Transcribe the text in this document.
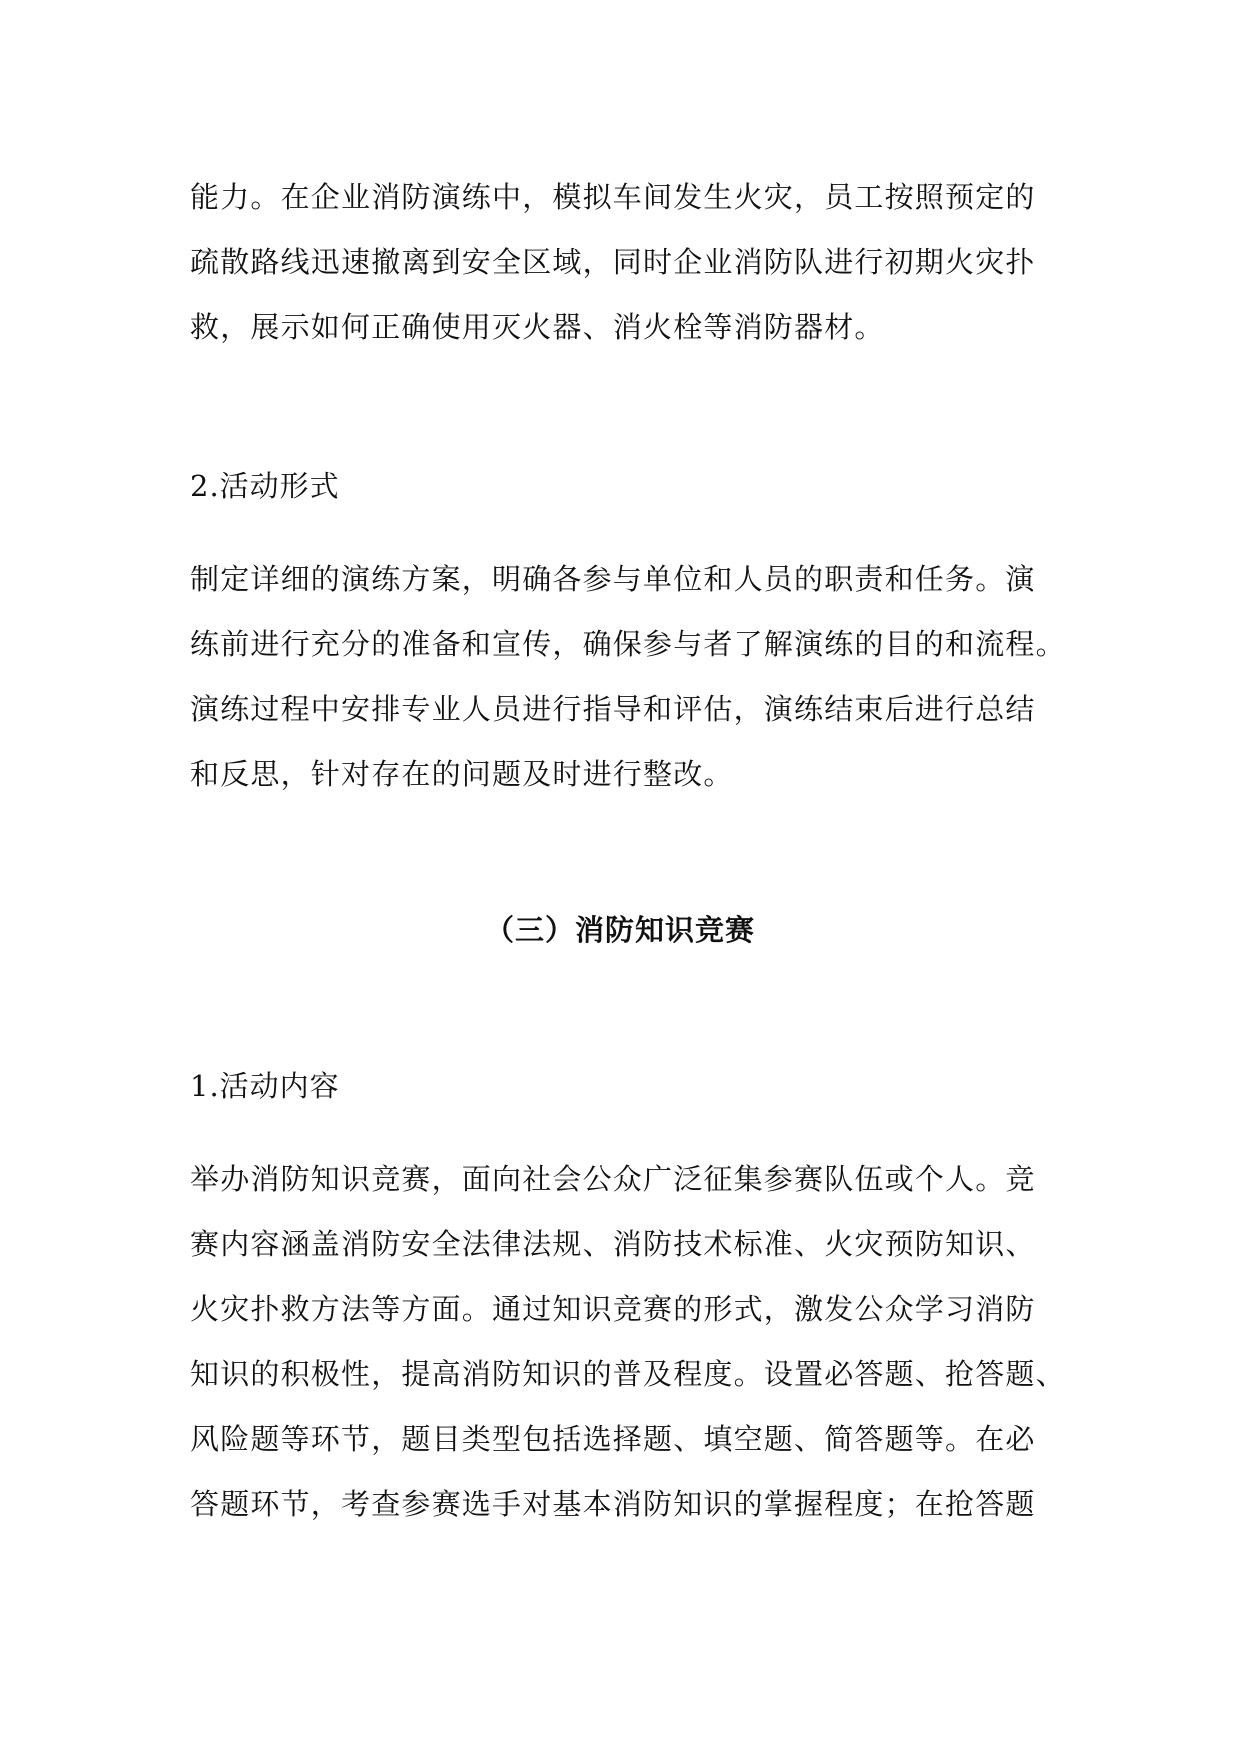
能力。在企业消防演练中，模拟车间发生火灾，员工按照预定的
疏散路线迅速撤离到安全区域，同时企业消防队进行初期火灾扑
救，展示如何正确使用灭火器、消火栓等消防器材。

2.活动形式

制定详细的演练方案，明确各参与单位和人员的职责和任务。演
练前进行充分的准备和宣传，确保参与者了解演练的目的和流程。
演练过程中安排专业人员进行指导和评估，演练结束后进行总结
和反思，针对存在的问题及时进行整改。

（三）消防知识竞赛

1.活动内容

举办消防知识竞赛，面向社会公众广泛征集参赛队伍或个人。竞
赛内容涵盖消防安全法律法规、消防技术标准、火灾预防知识、
火灾扑救方法等方面。通过知识竞赛的形式，激发公众学习消防
知识的积极性，提高消防知识的普及程度。设置必答题、抢答题、
风险题等环节，题目类型包括选择题、填空题、简答题等。在必
答题环节，考查参赛选手对基本消防知识的掌握程度；在抢答题
